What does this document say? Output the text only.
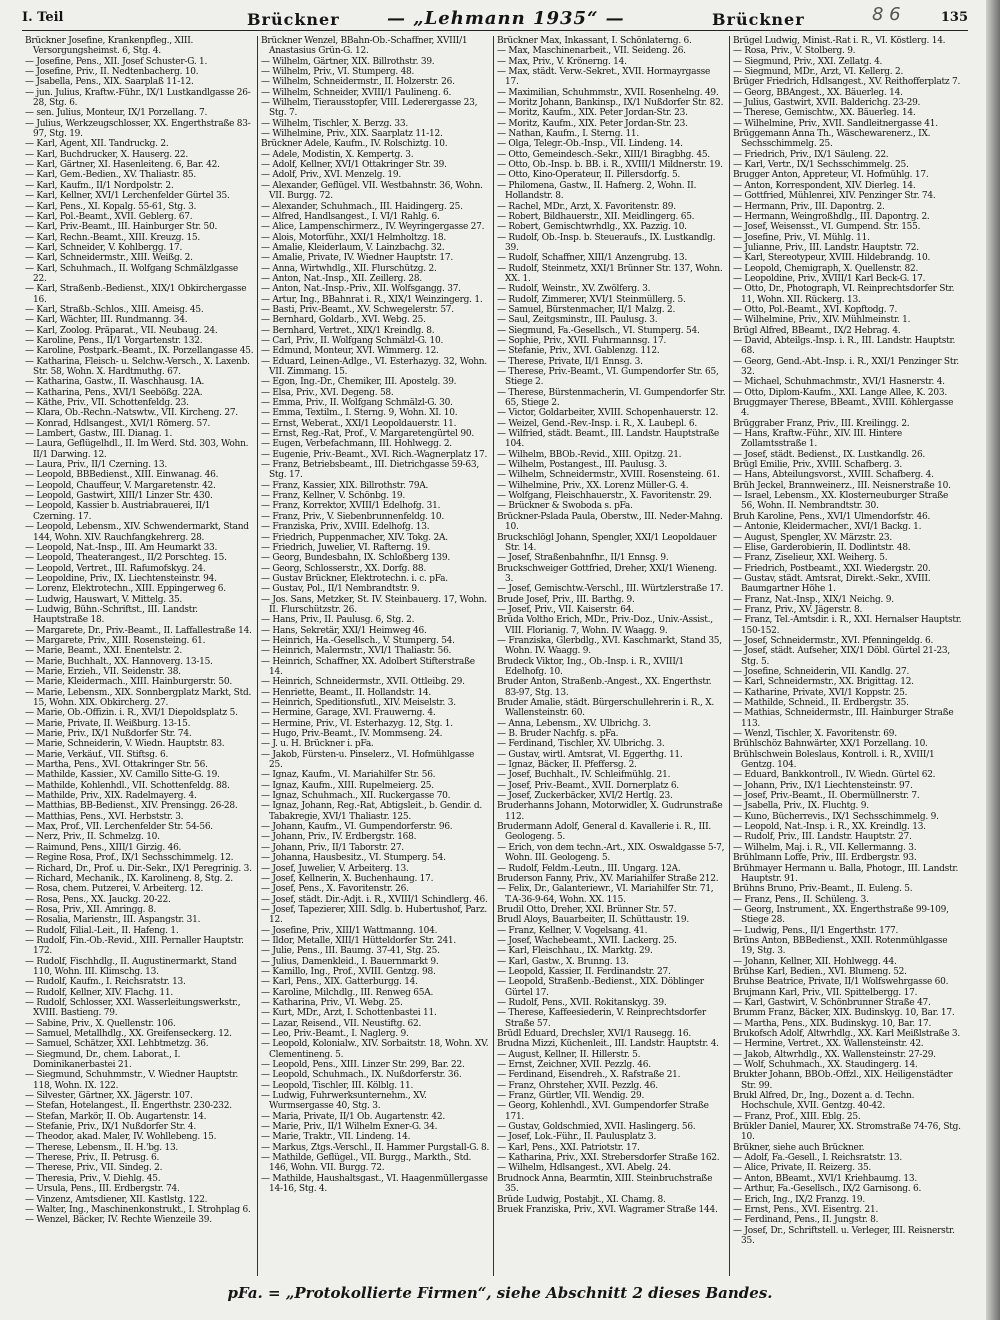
I. Teil	Brückner	— „Lehmann 1935“ —	Brückner	8 6	135
Brückner Josefine, Krankenpfleg., XIII. Versorgungsheimst. 6, Stg. 4.
— Josefine, Pens., XII. Josef Schuster-G. 1.
— Josefine, Priv., II. Nedtenbacherg. 10.
— Jsabella, Pens., XIX. Saarplaß 11-12.
— jun. Julius, Kraftw.-Führ., IX/1 Lustkandlgasse 26-28, Stg. 6.
— sen. Julius, Monteur, IX/1 Porzellang. 7.
— Julius, Werkzeugschlosser, XX. Engerthstraße 83-97, Stg. 19.
— Karl, Agent, XII. Tandruckg. 2.
— Karl, Buchdrucker, X. Hauserg. 22.
— Karl, Gärtner, XI. Hasenleiteng. 6, Bar. 42.
— Karl, Gem.-Bedien., XV. Thaliastr. 85.
— Karl, Kaufm., II/1 Nordpolstr. 2.
— Karl, Kellner, XVI/1 Lerchenfelder Gürtel 35.
— Karl, Pens., XI. Kopalg. 55-61, Stg. 3.
— Karl, Pol.-Beamt., XVII. Geblerg. 67.
— Karl, Priv.-Beamt., III. Hainburger Str. 50.
— Karl, Rechn.-Beamt., XIII. Kreuzg. 15.
— Karl, Schneider, V. Kohlbergg. 17.
— Karl, Schneidermstr., XIII. Weißg. 2.
— Karl, Schuhmach., II. Wolfgang Schmälzlgasse 22.
— Karl, Straßenb.-Bedienst., XIX/1 Obkirchergasse 16.
— Karl, Straßb.-Schlos., XIII. Ameisg. 45.
— Karl, Wächter, III. Rundmanng. 34.
— Karl, Zoolog. Präparat., VII. Neubaug. 24.
— Karoline, Pens., II/1 Vorgartenstr. 132.
— Karoline, Postpark.-Beamt., IX. Porzellangasse 45.
— Katharina, Fleisch- u. Selchw.-Versch., X. Laxenb. Str. 58, Wohn. X. Hardtmuthg. 67.
— Katharina, Gastw., II. Waschhausg. 1A.
— Katharina, Pens., XVI/1 Seebößg. 22A.
— Käthe, Priv., VII. Schottenfeldg. 23.
— Klara, Ob.-Rechn.-Natswtw., VII. Kircheng. 27.
— Konrad, Hdlsangest., XVI/1 Römerg. 57.
— Lambert, Gastw., III. Dianag. 1.
— Laura, Geflügelhdl., II. Im Werd. Std. 303, Wohn. II/1 Darwing. 12.
— Laura, Priv., II/1 Czerning. 13.
— Leopold, BBBedienst., XIII. Einwanag. 46.
— Leopold, Chauffeur, V. Margaretenstr. 42.
— Leopold, Gastwirt, XIII/1 Linzer Str. 430.
— Leopold, Kassier b. Austriabrauerei, II/1 Czerning. 17.
— Leopold, Lebensm., XIV. Schwendermarkt, Stand 144, Wohn. XIV. Rauchfangkehrerg. 28.
— Leopold, Nat.-Insp., III. Am Heumarkt 33.
— Leopold, Theaterangest., II/2 Porschteg. 15.
— Leopold, Vertret., III. Rafumofskyg. 24.
— Leopoldine, Priv., IX. Liechtensteinstr. 94.
— Lorenz, Elektrotechn., XIII. Eppingerweg 6.
— Ludwig, Hauswart, V. Mittelg. 35.
— Ludwig, Bühn.-Schriftst., III. Landstr. Hauptstraße 18.
— Margarete, Dr., Priv.-Beamt., II. Laffallestraße 14.
— Margarete, Priv., XIII. Rosensteing. 61.
— Marie, Beamt., XXI. Enentelstr. 2.
— Marie, Buchhalt., XX. Hannoverg. 13-15.
— Marie, Erzieh., VII. Seidenstr. 38.
— Marie, Kleidermach., XIII. Hainburgerstr. 50.
— Marie, Lebensm., XIX. Sonnbergplatz Markt, Std. 15, Wohn. XIX. Obkircherg. 27.
— Marie, Ob.-Offizin. i. R., XVI/1 Diepoldsplatz 5.
— Marie, Private, II. Weißburg. 13-15.
— Marie, Priv., IX/1 Nußdorfer Str. 74.
— Marie, Schneiderin, V. Wiedn. Hauptstr. 83.
— Marie, Verkäuf., VII. Stiftsg. 6.
— Martha, Pens., XVI. Ottakringer Str. 56.
— Mathilde, Kassier., XV. Camillo Sitte-G. 19.
— Mathilde, Kohlenhdl., VII. Schottenfeldg. 88.
— Mathilde, Priv., XIX. Radelmayerg. 4.
— Matthias, BB-Bedienst., XIV. Prensingg. 26-28.
— Matthias, Pens., XVI. Herbststr. 3.
— Max, Prof., VII. Lerchenfelder Str. 54-56.
— Nerz, Priv., II. Schmelzg. 10.
— Raimund, Pens., XIII/1 Girzig. 46.
— Regine Rosa, Prof., IX/1 Sechsschimmelg. 12.
— Richard, Dr., Prof. u. Dir.-Sekr., IX/1 Peregrinig. 3.
— Richard, Mechanik., IX. Karolineng. 8, Stg. 2.
— Rosa, chem. Putzerei, V. Arbeiterg. 12.
— Rosa, Pens., XX. Jauckg. 20-22.
— Rosa, Priv., XII. Amringg. 8.
— Rosalia, Marienstr., III. Aspangstr. 31.
— Rudolf, Filial.-Leit., II. Hafeng. 1.
— Rudolf, Fin.-Ob.-Revid., XIII. Pernaller Hauptstr. 172.
— Rudolf, Fischhdlg., II. Augustinermarkt, Stand 110, Wohn. III. Klimschg. 13.
— Rudolf, Kaufm., I. Reichsratstr. 13.
— Rudolf, Kellner, XIV. Flachg. 11.
— Rudolf, Schlosser, XXI. Wasserleitungswerkstr., XVIII. Bastieng. 79.
— Sabine, Priv., X. Quellenstr. 106.
— Samuel, Metallhdlg., XX. Greifenseckerg. 12.
— Samuel, Schätzer, XXI. Lehbtmetzg. 36.
— Siegmund, Dr., chem. Laborat., I. Dominikanerbastei 21.
— Siegmund, Schuhmmstr., V. Wiedner Hauptstr. 118, Wohn. IX. 122.
— Silvester, Gärtner, XX. Jägerstr. 107.
— Stefan, Hotelangest., II. Engerthstr. 230-232.
— Stefan, Markör, II. Ob. Augartenstr. 14.
— Stefanie, Priv., IX/1 Nußdorfer Str. 4.
— Theodor, akad. Maler, IV. Wohllebeng. 15.
— Therese, Lebensm., II. H.'bg. 13.
— Therese, Priv., II. Petrusg. 6.
— Therese, Priv., VII. Sindeg. 2.
— Theresia, Priv., V. Diehlg. 45.
— Ursula, Pens., III. Erdbergstr. 74.
— Vinzenz, Amtsdiener, XII. Kastlstg. 122.
— Walter, Ing., Maschinenkonstrukt., I. Strohplag 6.
— Wenzel, Bäcker, IV. Rechte Wienzeile 39.
Brückner Wenzel, BBahn-Ob.-Schaffner, XVIII/1 Anastasius Grün-G. 12.
— Wilhelm, Gärtner, XIX. Billrothstr. 39.
— Wilhelm, Priv., VI. Stumperg. 48.
— Wilhelm, Schneidermstr., II. Holzerstr. 26.
— Wilhelm, Schneider, XVIII/1 Paulineng. 6.
— Wilhelm, Tierausstopfer, VIII. Lederergasse 23, Stg. 7.
— Wilhelm, Tischler, X. Berzg. 33.
— Wilhelmine, Priv., XIX. Saarplatz 11-12.
Brückner Adele, Kaufm., IV. Rolschiztg. 10.
— Adele, Modistin, X. Kempertg. 3.
— Adolf, Kellner, XVI/1 Ottakringer Str. 39.
— Adolf, Priv., XVI. Menzelg. 19.
— Alexander, Geflügel. VII. Westbahnstr. 36, Wohn. VII. Burgg. 72.
— Alexander, Schuhmach., III. Haidingerg. 25.
— Alfred, Handlsangest., I. VI/1 Rahlg. 6.
— Alice, Lampenschirmerz., IV. Weyringergasse 27.
— Alois, Motorführ., XXI/1 Helmholtzg. 18.
— Amalie, Kleiderlaum, V. Lainzbachg. 32.
— Amalie, Private, IV. Wiedner Hauptstr. 17.
— Anna, Wirtwhdlg., XII. Flurschützg. 2.
— Anton, Nat.-Insp., XII. Zeillerg. 28.
— Anton, Nat.-Insp.-Priv., XII. Wolfsgangg. 37.
— Artur, Ing., BBahnrat i. R., XIX/1 Weinzingerg. 1.
— Basti, Priv.-Beamt., XV. Schwegelerstr. 57.
— Bernhard, Goldarb., XVI. Webg. 25.
— Bernhard, Vertret., XIX/1 Kreindlg. 8.
— Carl, Priv., II. Wolfgang Schmälzl-G. 10.
— Edmund, Monteur, XVI. Wimmerg. 12.
— Eduard, Leinen-Adlge., VI. Esterhazyg. 32, Wohn. VII. Zimmang. 15.
— Egon, Ing.-Dr., Chemiker, III. Apostelg. 39.
— Elsa, Priv., XVI. Degeng. 58.
— Emma, Priv., II. Wolfgang Schmälzl-G. 30.
— Emma, Textilm., I. Sterng. 9, Wohn. XI. 10.
— Ernst, Weberat., XXI/1 Leopoldauerstr. 11.
— Ernst, Reg.-Rat, Prof., V. Margaretengürtel 90.
— Eugen, Verbefachmann, III. Hohlwegg. 2.
— Eugenie, Priv.-Beamt., XVI. Rich.-Wagnerplatz 17.
— Franz, Betriebsbeamt., III. Dietrichgasse 59-63, Stg. 17.
— Franz, Kassier, XIX. Billrothstr. 79A.
— Franz, Kellner, V. Schönbg. 19.
— Franz, Korrektor, XVIII/1 Edelhofg. 31.
— Franz, Priv., V. Siebenbrunnenfeldg. 10.
— Franziska, Priv., XVIII. Edelhofg. 13.
— Friedrich, Puppenmacher, XIV. Tokg. 2A.
— Friedrich, Juwelier, VI. Rafterng. 19.
— Georg, Bundesbahn, IX. Schloßberg 139.
— Georg, Schlosserstr., XX. Dorfg. 88.
— Gustav Brückner, Elektrotechn. i. c. pFa.
— Gustav, Pol., II/1 Nembrandtstr. 9.
— Jos. Sans, Metzker, St. IV. Steinbauerg. 17, Wohn. II. Flurschützstr. 26.
— Hans, Priv., II. Paulusg. 6, Stg. 2.
— Hans, Sekretär, XXI/1 Heimweg 46.
— Heinrich, Ha.-Gesellsch., V. Stumperg. 54.
— Heinrich, Malermstr., XVI/1 Thaliastr. 56.
— Heinrich, Schaffner, XX. Adolbert Stifterstraße 14.
— Heinrich, Schneidermstr., XVII. Ottleibg. 29.
— Henriette, Beamt., II. Hollandstr. 14.
— Heinrich, Speditionsfutl., XIV. Meiselstr. 3.
— Hermine, Garage, XVI. Frauwerng. 4.
— Hermine, Priv., VI. Esterhazyg. 12, Stg. 1.
— Hugo, Priv.-Beamt., IV. Mommseng. 24.
— J. u. H. Brückner i. pFa.
— Jakob, Fürsten-u. Pinselerz., VI. Hofmühlgasse 25.
— Ignaz, Kaufm., VI. Mariahilfer Str. 56.
— Ignaz, Kaufm., XIII. Rupelmeierg. 25.
— Ignaz, Schuhmach., XII. Ruckergasse 70.
— Ignaz, Johann, Reg.-Rat, Abtigsleit., b. Gendir. d. Tabakregie, XVI/1 Thaliastr. 125.
— Johann, Kaufm., VI. Gumpendorferstr. 96.
— Johann, Priv., IV. Erdbergstr. 168.
— Johann, Priv., II/1 Taborstr. 27.
— Johanna, Hausbesitz., VI. Stumperg. 54.
— Josef, Juwelier, V. Arbeiterg. 13.
— Josef, Kellnerin, X. Buchenhaung. 17.
— Josef, Pens., X. Favoritenstr. 26.
— Josef, städt. Dir.-Adjt. i. R., XVIII/1 Schindlerg. 46.
— Josef, Tapezierer, XIII. Sdlg. b. Hubertushof, Parz. 12.
— Josefine, Priv., XIII/1 Wattmanng. 104.
— Ildor, Metalle, XIII/1 Hütteldorfer Str. 241.
— Julie, Pens., III. Baumg. 37-41, Stg. 25.
— Julius, Damenkleid., I. Bauernmarkt 9.
— Kamillo, Ing., Prof., XVIII. Gentzg. 98.
— Karl, Pens., XIX. Gatterburgg. 14.
— Karoline, Milchdlg., III. Renweg 65A.
— Katharina, Priv., VI. Webg. 25.
— Kurt, MDr., Arzt, I. Schottenbastei 11.
— Lazar, Reisend., VII. Neustiftg. 62.
— Leo, Priv.-Beamt., I. Naglerg. 9.
— Leopold, Kolonialw., XIV. Sorbaitstr. 18, Wohn. XV. Clementineng. 5.
— Leopold, Pens., XIII. Linzer Str. 299, Bar. 22.
— Leopold, Schuhmach., IX. Nußdorferstr. 36.
— Leopold, Tischler, III. Kölblg. 11.
— Ludwig, Fuhrwerksunternehm., XV. Wurmsergasse 40, Stg. 3.
— Maria, Private, II/1 Ob. Augartenstr. 42.
— Marie, Priv., II/1 Wilhelm Exner-G. 34.
— Marie, Traktr., VII. Lindeng. 14.
— Markus, Ztgs.-Verschl., II. Hammer Purgstall-G. 8.
— Mathilde, Geflügel., VII. Burgg., Markth., Std. 146, Wohn. VII. Burgg. 72.
— Mathilde, Haushaltsgast., VI. Haagenmüllergasse 14-16, Stg. 4.
Brückner Max, Inkassant, I. Schönlaterng. 6.
— Max, Maschinenarbeit., VII. Seideng. 26.
— Max, Priv., V. Krönerng. 14.
— Max, städt. Verw.-Sekret., XVII. Hormayrgasse 17.
— Maximilian, Schuhmmstr., XVII. Rosenhelng. 49.
— Moritz Johann, Bankinsp., IX/1 Nußdorfer Str. 82.
— Moritz, Kaufm., XIX. Peter Jordan-Str. 23.
— Moritz, Kaufm., XIX. Peter Jordan-Str. 23.
— Nathan, Kaufm., I. Sterng. 11.
— Olga, Telegr.-Ob.-Insp., VII. Lindeng. 14.
— Otto, Gemeindesch.-Sekr., XIII/1 Biragbhg. 45.
— Otto, Ob.-Insp. b. BB. i. R., XVIII/1 Mildnerstr. 19.
— Otto, Kino-Operateur, II. Pillersdorfg. 5.
— Philomena, Gastw., II. Hafnerg. 2, Wohn. II. Hollandstr. 8.
— Rachel, MDr., Arzt, X. Favoritenstr. 89.
— Robert, Bildhauerstr., XII. Meidlingerg. 65.
— Robert, Gemischtwrhdlg., XX. Pazzig. 10.
— Rudolf, Ob.-Insp. b. Steueraufs., IX. Lustkandlg. 39.
— Rudolf, Schaffner, XIII/1 Anzengrubg. 13.
— Rudolf, Steinmetz, XXI/1 Brünner Str. 137, Wohn. XX. 1.
— Rudolf, Weinstr., XV. Zwölferg. 3.
— Rudolf, Zimmerer, XVI/1 Steinmüllerg. 5.
— Samuel, Bürstenmacher, II/1 Malzg. 2.
— Saul, Zeitgsminstr., III. Paulusg. 3.
— Siegmund, Fa.-Gesellsch., VI. Stumperg. 54.
— Sophie, Priv., XVII. Fuhrmannsg. 17.
— Stefanie, Priv., XVI. Gablenzg. 112.
— Therese, Private, II/1 Ennsg. 3.
— Therese, Priv.-Beamt., VI. Gumpendorfer Str. 65, Stiege 2.
— Therese, Bürstenmacherin, VI. Gumpendorfer Str. 65, Stiege 2.
— Victor, Goldarbeiter, XVIII. Schopenhauerstr. 12.
— Weizel, Gend.-Rev.-Insp. i. R., X. Laubepl. 6.
— Wilfried, städt. Beamt., III. Landstr. Hauptstraße 104.
— Wilhelm, BBOb.-Revid., XIII. Opitzg. 21.
— Wilhelm, Postangest., III. Paulusg. 3.
— Wilhelm, Schneidermstr., XVIII. Rosensteing. 61.
— Wilhelmine, Priv., XX. Lorenz Müller-G. 4.
— Wolfgang, Fleischhauerstr., X. Favoritenstr. 29.
— Brückner & Swoboda s. pFa.
Brückner-Pslada Paula, Oberstw., III. Neder-Mahng. 10.
Bruckschlögl Johann, Spengler, XXI/1 Leopoldauer Str. 14.
— Josef, Straßenbahnfhr., II/1 Ennsg. 9.
Bruckschweiger Gottfried, Dreher, XXI/1 Wieneng. 3.
— Josef, Gemischtw.-Verschl., III. Würtzlerstraße 17.
Brude Josef, Priv., III. Barthg. 9.
— Josef, Priv., VII. Kaiserstr. 64.
Brüda Voltho Erich, MDr., Priv.-Doz., Univ.-Assist., VIII. Florianig. 7, Wohn. IV. Waagg. 9.
— Franziska, Glerbdlg., XVI. Kaschmarkt, Stand 35, Wohn. IV. Waagg. 9.
Brudeck Viktor, Ing., Ob.-Insp. i. R., XVIII/1 Edelhofg. 10.
Bruder Anton, Straßenb.-Angest., XX. Engerthstr. 83-97, Stg. 13.
Bruder Amalie, städt. Bürgerschullehrerin i. R., X. Wallensteinstr. 60.
— Anna, Lebensm., XV. Ulbrichg. 3.
— B. Bruder Nachfg. s. pFa.
— Ferdinand, Tischler, XV. Ulbrichg. 3.
— Gustav, wirtl. Amtsrat, VI. Eggerthg. 11.
— Ignaz, Bäcker, II. Pfeffersg. 2.
— Josef, Buchhalt., IV. Schleifmühlg. 21.
— Josef, Priv.-Beamt., XVII. Dornerplatz 6.
— Josef, Zuckerbäcker, XVI/2 Hertlg. 23.
Bruderhanns Johann, Motorwidler, X. Gudrunstraße 112.
Brudermann Adolf, General d. Kavallerie i. R., III. Geologeng. 5.
— Erich, von dem techn.-Art., XIX. Oswaldgasse 5-7, Wohn. III. Geologeng. 5.
— Rudolf, Feldm.-Leutn., III. Ungarg. 12A.
Bruderson Fanny, Priv., XV. Mariahilfer Straße 212.
— Felix, Dr., Galanteriewr., VI. Mariahilfer Str. 71, T.A-36-9-64, Wohn. XX. 115.
Brudil Otto, Dreher, XXI. Brünner Str. 57.
Brudl Aloys, Bauarbeiter, II. Schüttaustr. 19.
— Franz, Kellner, V. Vogelsang. 41.
— Josef, Wachebeamt., XVII. Lackerg. 25.
— Karl, Fleischhau., IX. Marktg. 29.
— Karl, Gastw., X. Brunng. 13.
— Leopold, Kassier, II. Ferdinandstr. 27.
— Leopold, Straßenb.-Bedienst., XIX. Döblinger Gürtel 17.
— Rudolf, Pens., XVII. Rokitanskyg. 39.
— Therese, Kaffeesiederin, V. Reinprechtsdorfer Straße 57.
Brüdl Eduard, Drechsler, XVI/1 Rausegg. 16.
Brudna Mizzi, Küchenleit., III. Landstr. Hauptstr. 4.
— August, Kellner, II. Hillerstr. 5.
— Ernst, Zeichner, XVII. Pezzlg. 46.
— Ferdinand, Eisendreh., X. Rafstraße 21.
— Franz, Ohrsteher, XVII. Pezzlg. 46.
— Franz, Gürtler, VII. Wendig. 29.
— Georg, Kohlenhdl., XVI. Gumpendorfer Straße 171.
— Gustav, Goldschmied, XVII. Haslingerg. 56.
— Josef, Lok.-Führ., II. Paulusplatz 3.
— Karl, Pens., XXI. Patriotstr. 17.
— Katharina, Priv., XXI. Strebersdorfer Straße 162.
— Wilhelm, Hdlsangest., XVI. Abelg. 24.
Brudnock Anna, Bearmtin, XIII. Steinbruchstraße 35.
Brüde Ludwig, Postabjt., XI. Chamg. 8.
Bruek Franziska, Priv., XVI. Wagramer Straße 144.
Brügel Ludwig, Minist.-Rat i. R., VI. Köstlerg. 14.
— Rosa, Priv., V. Stolberg. 9.
— Siegmund, Priv., XXI. Zellatg. 4.
— Siegmund, MDr., Arzt, VI. Kellerg. 2.
Brüger Friedrich, Hdlsangest., XV. Reithofferplatz 7.
— Georg, BBAngest., XX. Bäuerleg. 14.
— Julius, Gastwirt, XVII. Balderichg. 23-29.
— Therese, Gemischtw., XX. Bäuerleg. 14.
— Wilhelmine, Priv., XVII. Sandleitnergasse 41.
Brüggemann Anna Th., Wäschewarenerz., IX. Sechsschimmelg. 25.
— Friedrich, Priv., IX/1 Säuleng. 22.
— Karl, Vertr., IX/1 Sechsschimmelg. 25.
Brugger Anton, Appreteur, VI. Hofmühlg. 17.
— Anton, Korrespondent, XIV. Dierleg. 14.
— Gottfried, Mühlenrei, XIV. Penzinger Str. 74.
— Hermann, Priv., III. Dapontrg. 2.
— Hermann, Weingroßhdlg., III. Dapontrg. 2.
— Josef, Weisensst., VI. Gumpend. Str. 155.
— Josefine, Priv., VI. Mühlg. 11.
— Julianne, Priv., III. Landstr. Hauptstr. 72.
— Karl, Stereotypeur, XVIII. Hildebrandg. 10.
— Leopold, Chemigraph, X. Quellenstr. 82.
— Leopoldine, Priv., XVIII/1 Karl Beck-G. 17.
— Otto, Dr., Photograph, VI. Reinprechtsdorfer Str. 11, Wohn. XII. Rückerg. 13.
— Otto, Pol.-Beamt., XVI. Kopftodg. 7.
— Wilhelmine, Priv., XIV. Mühlmeinstr. 1.
Brügl Alfred, BBeamt., IX/2 Hebrag. 4.
— David, Abteilgs.-Insp. i. R., III. Landstr. Hauptstr. 68.
— Georg, Gend.-Abt.-Insp. i. R., XXI/1 Penzinger Str. 32.
— Michael, Schuhmachmstr., XVI/1 Hasnerstr. 4.
— Otto, Diplom-Kaufm., XXI. Lange Allee, K. 203.
Bruggmayer Therese, BBeamt., XVIII. Köhlergasse 4.
Brüggraber Franz, Priv., III. Kreilingg. 2.
— Hans, Kraftw.-Führ., XIV. III. Hintere Zollamtsstraße 1.
— Josef, städt. Bedienst., IX. Lustkandlg. 26.
Brügl Emilie, Priv., XVIII. Schafberg. 3.
— Hans, Abteilungsvorst., XVIII. Schafberg. 4.
Brüh Jeckel, Brannweinerz., III. Neisnerstraße 10.
— Israel, Lebensm., XX. Klosterneuburger Straße 56, Wohn. II. Nembrandtstr. 30.
Bruh Karoline, Pens., XVI/1 Ulmendorfstr. 46.
— Antonie, Kleidermacher., XVI/1 Backg. 1.
— August, Spengler, XV. Märzstr. 23.
— Elise, Garderobierin, II. Dodlintstr. 48.
— Franz, Ziselieur, XXI. Weiherg. 5.
— Friedrich, Postbeamt., XXI. Wiedergstr. 20.
— Gustav, städt. Amtsrat, Direkt.-Sekr., XVIII. Baumgartner Höhe 1.
— Franz, Nat.-Insp., XIX/1 Neichg. 9.
— Franz, Priv., XV. Jägerstr. 8.
— Franz, Tel.-Amtsdir. i. R., XXI. Hernalser Hauptstr. 150-152.
— Josef, Schneidermstr., XVI. Pfenningeldg. 6.
— Josef, städt. Aufseher, XIX/1 Döbl. Gürtel 21-23, Stg. 5.
— Josefine, Schneiderin, VII. Kandlg. 27.
— Karl, Schneidermstr., XX. Brigittag. 12.
— Katharine, Private, XVI/1 Koppstr. 25.
— Mathilde, Schneid., II. Erdbergstr. 35.
— Mathias, Schneidermstr., III. Hainburger Straße 113.
— Wenzl, Tischler, X. Favoritenstr. 69.
Brühlschöz Bahnwärter, XX/1 Porzellang. 10.
Brühlschwein Boleslaus, Kontroll. i. R., XVIII/1 Gentzg. 104.
— Eduard, Bankkontroll., IV. Wiedn. Gürtel 62.
— Johann, Priv., IX/1 Liechtensteinstr. 97.
— Josef, Priv.-Beamt., II. Obermüllnerstr. 7.
— Jsabella, Priv., IX. Fluchtg. 9.
— Kuno, Bücherrevis., IX/1 Sechsschimmelg. 9.
— Leopold, Nat.-Insp. i. R., XX. Kreindlg. 13.
— Rudolf, Priv., III. Landstr. Hauptstr. 27.
— Wilhelm, Maj. i. R., VII. Kellermanng. 3.
Brühlmann Loffe, Priv., III. Erdbergstr. 93.
Brühmayer Hermann u. Balla, Photogr., III. Landstr. Hauptstr. 91.
Brühns Bruno, Priv.-Beamt., II. Euleng. 5.
— Franz, Pens., II. Schüleng. 3.
— Georg, Instrument., XX. Engerthstraße 99-109, Stiege 28.
— Ludwig, Pens., II/1 Engerthstr. 177.
Brüns Anton, BBBedienst., XXII. Rotenmühlgasse 19, Stg. 3.
— Johann, Kellner, XII. Hohlwegg. 44.
Brühse Karl, Bedien., XVI. Blumeng. 52.
Bruhse Beatrice, Private, II/1 Wolfswehrgasse 60.
Brujmann Karl, Priv., VII. Spittelbergg. 17.
— Karl, Gastwirt, V. Schönbrunner Straße 47.
Brumm Franz, Bäcker, XIX. Budinskyg. 10, Bar. 17.
— Martha, Pens., XIX. Budinskyg. 10, Bar. 17.
Brukofsch Adolf, Altwrhdlg., XX. Karl Meißlstraße 3.
— Hermine, Vertret., XX. Wallensteinstr. 42.
— Jakob, Altwrhdlg., XX. Wallensteinstr. 27-29.
— Wolf, Schuhmach., XX. Staudingerg. 14.
Brukter Johann, BBOb.-Offzl., XIX. Heiligenstädter Str. 99.
Brukl Alfred, Dr., Ing., Dozent a. d. Techn. Hochschule, XVII. Gentzg. 40-42.
— Franz, Prof., XIII. Eblg. 25.
Brükler Daniel, Maurer, XX. Stromstraße 74-76, Stg. 10.
Brükner, siehe auch Brückner.
— Adolf, Fa.-Gesell., I. Reichsratstr. 13.
— Alice, Private, II. Reizerg. 35.
— Anton, BBeamt., XVI/1 Kriehbaumg. 13.
— Arthur, Fa.-Gesellsch., IX/2 Garnisong. 6.
— Erich, Ing., IX/2 Franzg. 19.
— Ernst, Pens., XVI. Eisentrg. 21.
— Ferdinand, Pens., II. Jungstr. 8.
— Josef, Dr., Schriftstell. u. Verleger, III. Reisnerstr. 35.
pFa. = „Protokollierte Firmen“, siehe Abschnitt 2 dieses Bandes.
